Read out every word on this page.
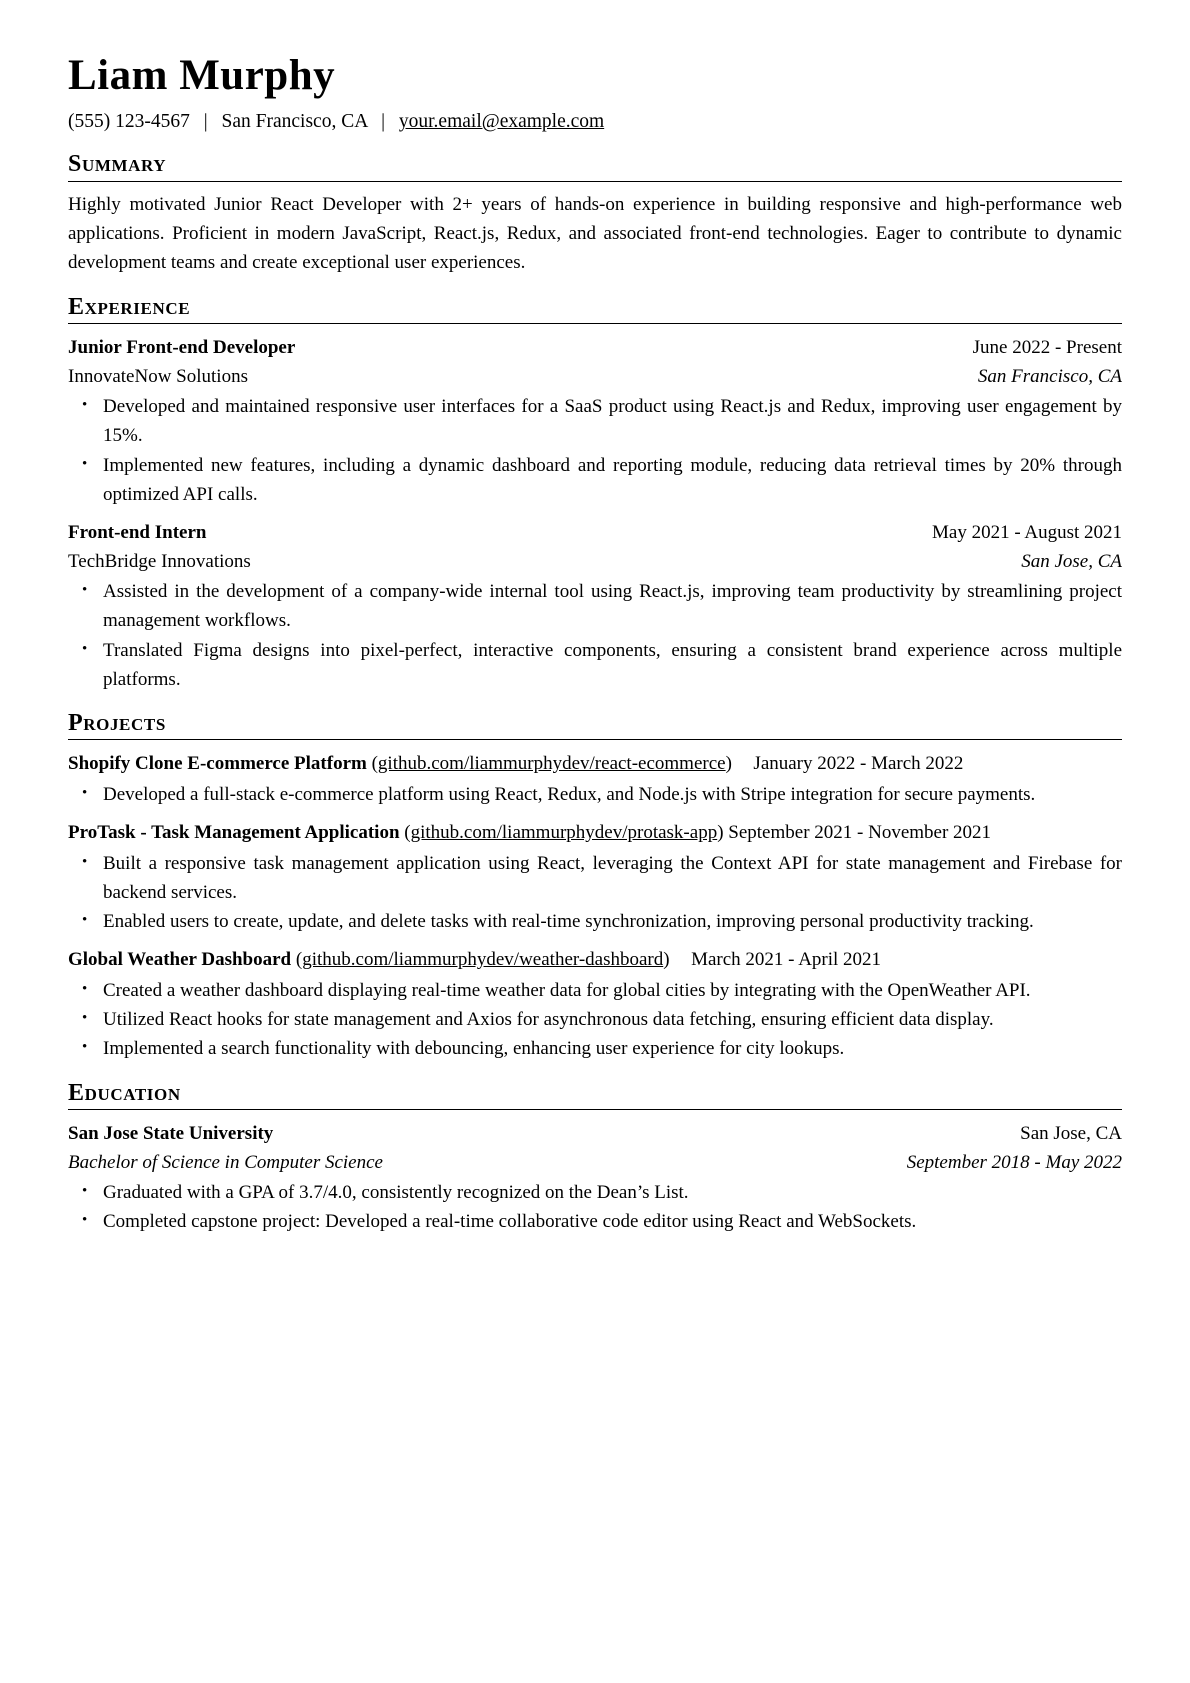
Liam Murphy
(555) 123-4567 | San Francisco, CA | your.email@example.com
Summary

Highly motivated Junior React Developer with 2+ years of hands-on experience in building responsive and high-performance web applications. Proficient in modern JavaScript, React.js, Redux, and associated front-end technologies. Eager to contribute to dynamic development teams and create exceptional user experiences.

Experience
Junior Front-end Developer	June 2022 - Present
InnovateNow Solutions	San Francisco, CA
• Developed and maintained responsive user interfaces for a SaaS product using React.js and Redux, improving user engagement by 15%.
• Implemented new features, including a dynamic dashboard and reporting module, reducing data retrieval times by 20% through optimized API calls.
Front-end Intern	May 2021 - August 2021
TechBridge Innovations	San Jose, CA
• Assisted in the development of a company-wide internal tool using React.js, improving team productivity by streamlining project management workflows.
• Translated Figma designs into pixel-perfect, interactive components, ensuring a consistent brand experience across multiple platforms.
Projects
Shopify Clone E-commerce Platform (github.com/liammurphydev/react-ecommerce) January 2022 - March 2022
• Developed a full-stack e-commerce platform using React, Redux, and Node.js with Stripe integration for secure payments.
ProTask - Task Management Application (github.com/liammurphydev/protask-app) September 2021 - November 2021
• Built a responsive task management application using React, leveraging the Context API for state management and Firebase for backend services.
• Enabled users to create, update, and delete tasks with real-time synchronization, improving personal productivity tracking.
Global Weather Dashboard (github.com/liammurphydev/weather-dashboard) March 2021 - April 2021
• Created a weather dashboard displaying real-time weather data for global cities by integrating with the OpenWeather API.
• Utilized React hooks for state management and Axios for asynchronous data fetching, ensuring efficient data display.
• Implemented a search functionality with debouncing, enhancing user experience for city lookups.
Education
San Jose State University	San Jose, CA
Bachelor of Science in Computer Science	September 2018 - May 2022
• Graduated with a GPA of 3.7/4.0, consistently recognized on the Dean’s List.
• Completed capstone project: Developed a real-time collaborative code editor using React and WebSockets.
